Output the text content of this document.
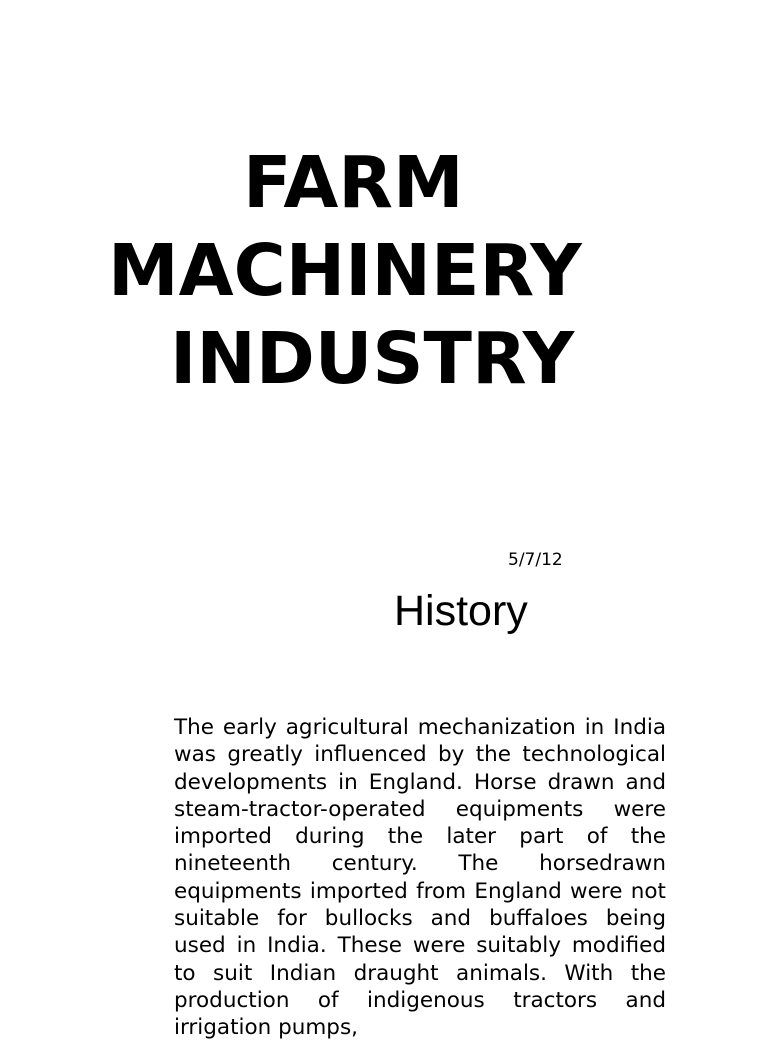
FARM
MACHINERY
INDUSTRY
5/7/12
History

The early agricultural mechanization in India was greatly influenced by the technological developments in England. Horse drawn and steam-tractor-operated equipments were imported during the later part of the nineteenth century. The horsedrawn equipments imported from England were not suitable for bullocks and buffaloes being used in India. These were suitably modified to suit Indian draught animals. With the production of indigenous tractors and irrigation pumps,
